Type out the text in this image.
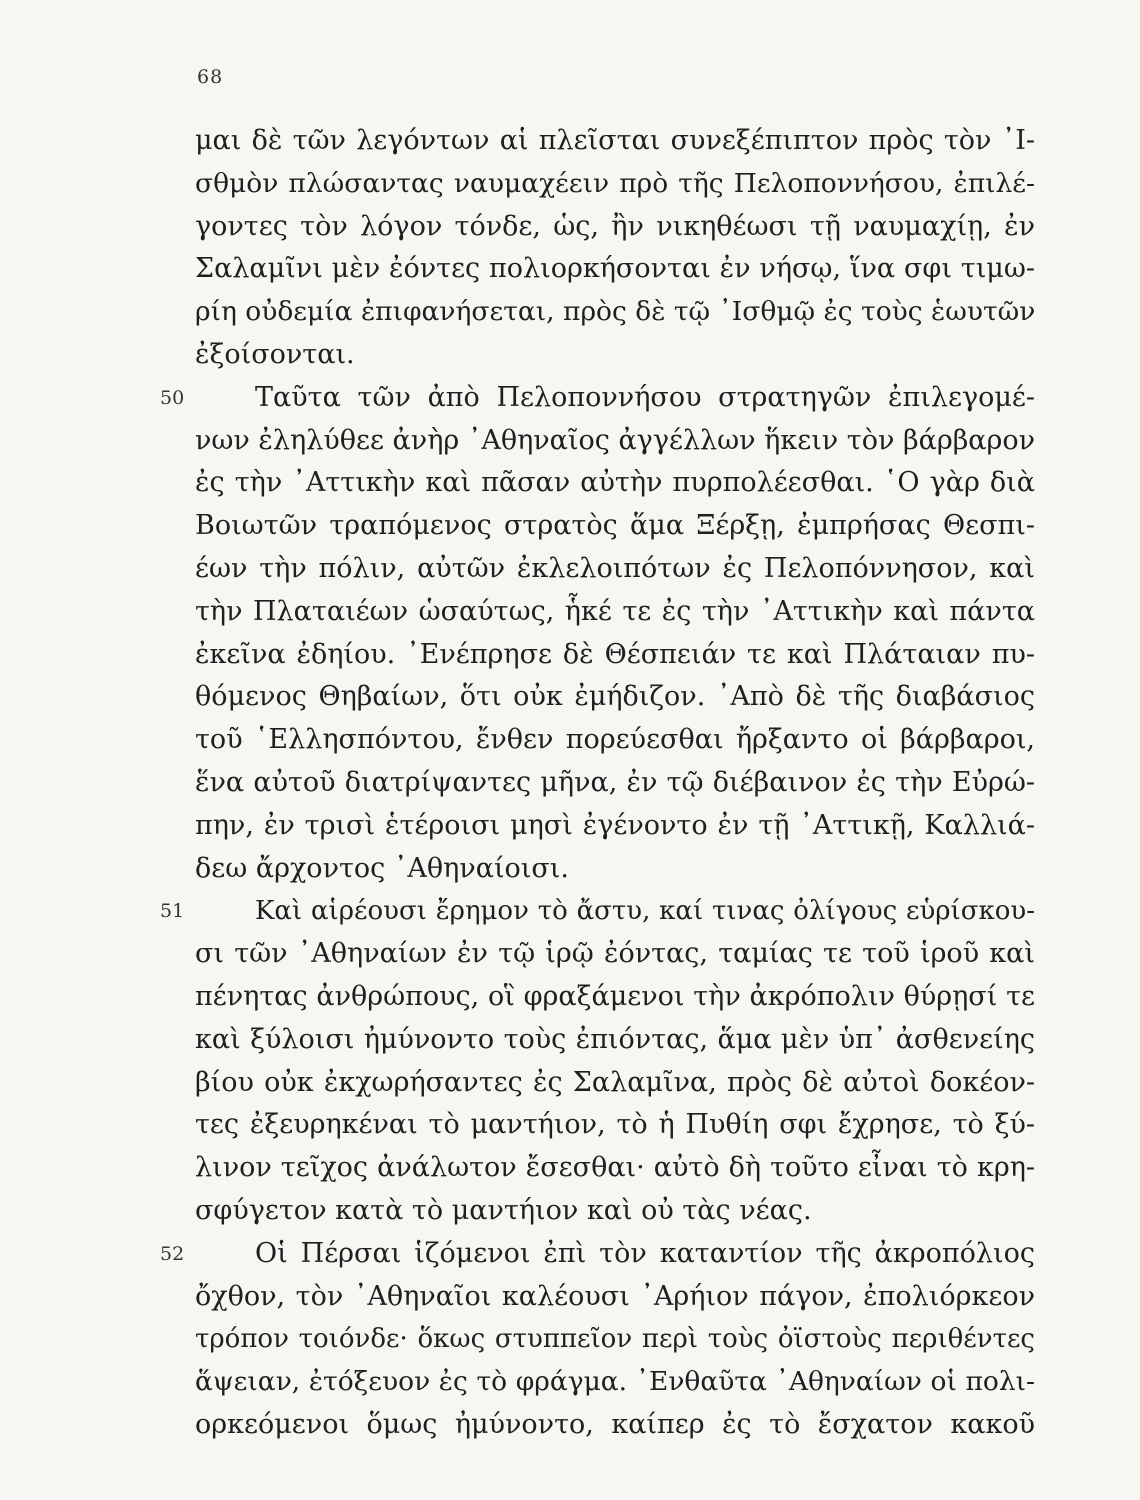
68
μαι δὲ τῶν λεγόντων αἱ πλεῖσται συνεξέπιπτον πρὸς τὸν ᾿Ι-
σθμὸν πλώσαντας ναυμαχέειν πρὸ τῆς Πελοποννήσου, ἐπιλέ-
γοντες τὸν λόγον τόνδε, ὡς, ἢν νικηθέωσι τῇ ναυμαχίῃ, ἐν
Σαλαμῖνι μὲν ἐόντες πολιορκήσονται ἐν νήσῳ, ἵνα σφι τιμω-
ρίη οὐδεμία ἐπιφανήσεται, πρὸς δὲ τῷ ᾿Ισθμῷ ἐς τοὺς ἑωυτῶν
ἐξοίσονται.
50	Ταῦτα τῶν ἀπὸ Πελοποννήσου στρατηγῶν ἐπιλεγομέ-
νων ἐληλύθεε ἀνὴρ ᾿Αθηναῖος ἀγγέλλων ἥκειν τὸν βάρβαρον
ἐς τὴν ᾿Αττικὴν καὶ πᾶσαν αὐτὴν πυρπολέεσθαι. ῾Ο γὰρ διὰ
Βοιωτῶν τραπόμενος στρατὸς ἅμα Ξέρξῃ, ἐμπρήσας Θεσπι-
έων τὴν πόλιν, αὐτῶν ἐκλελοιπότων ἐς Πελοπόννησον, καὶ
τὴν Πλαταιέων ὡσαύτως, ἧκέ τε ἐς τὴν ᾿Αττικὴν καὶ πάντα
ἐκεῖνα ἐδηίου. ᾿Ενέπρησε δὲ Θέσπειάν τε καὶ Πλάταιαν πυ-
θόμενος Θηβαίων, ὅτι οὐκ ἐμήδιζον. ᾿Απὸ δὲ τῆς διαβάσιος
τοῦ ῾Ελλησπόντου, ἔνθεν πορεύεσθαι ἤρξαντο οἱ βάρβαροι,
ἕνα αὐτοῦ διατρίψαντες μῆνα, ἐν τῷ διέβαινον ἐς τὴν Εὐρώ-
πην, ἐν τρισὶ ἑτέροισι μησὶ ἐγένοντο ἐν τῇ ᾿Αττικῇ, Καλλιά-
δεω ἄρχοντος ᾿Αθηναίοισι.
51	Καὶ αἱρέουσι ἔρημον τὸ ἄστυ, καί τινας ὀλίγους εὑρίσκου-
σι τῶν ᾿Αθηναίων ἐν τῷ ἱρῷ ἐόντας, ταμίας τε τοῦ ἱροῦ καὶ
πένητας ἀνθρώπους, οἳ φραξάμενοι τὴν ἀκρόπολιν θύρῃσί τε
καὶ ξύλοισι ἠμύνοντο τοὺς ἐπιόντας, ἅμα μὲν ὑπ᾿ ἀσθενείης
βίου οὐκ ἐκχωρήσαντες ἐς Σαλαμῖνα, πρὸς δὲ αὐτοὶ δοκέον-
τες ἐξευρηκέναι τὸ μαντήιον, τὸ ἡ Πυθίη σφι ἔχρησε, τὸ ξύ-
λινον τεῖχος ἀνάλωτον ἔσεσθαι· αὐτὸ δὴ τοῦτο εἶναι τὸ κρη-
σφύγετον κατὰ τὸ μαντήιον καὶ οὐ τὰς νέας.
52	Οἱ Πέρσαι ἱζόμενοι ἐπὶ τὸν καταντίον τῆς ἀκροπόλιος
ὄχθον, τὸν ᾿Αθηναῖοι καλέουσι ᾿Αρήιον πάγον, ἐπολιόρκεον
τρόπον τοιόνδε· ὅκως στυππεῖον περὶ τοὺς ὀϊστοὺς περιθέντες
ἅψειαν, ἐτόξευον ἐς τὸ φράγμα. ᾿Ενθαῦτα ᾿Αθηναίων οἱ πολι-
ορκεόμενοι ὅμως ἠμύνοντο, καίπερ ἐς τὸ ἔσχατον κακοῦ
